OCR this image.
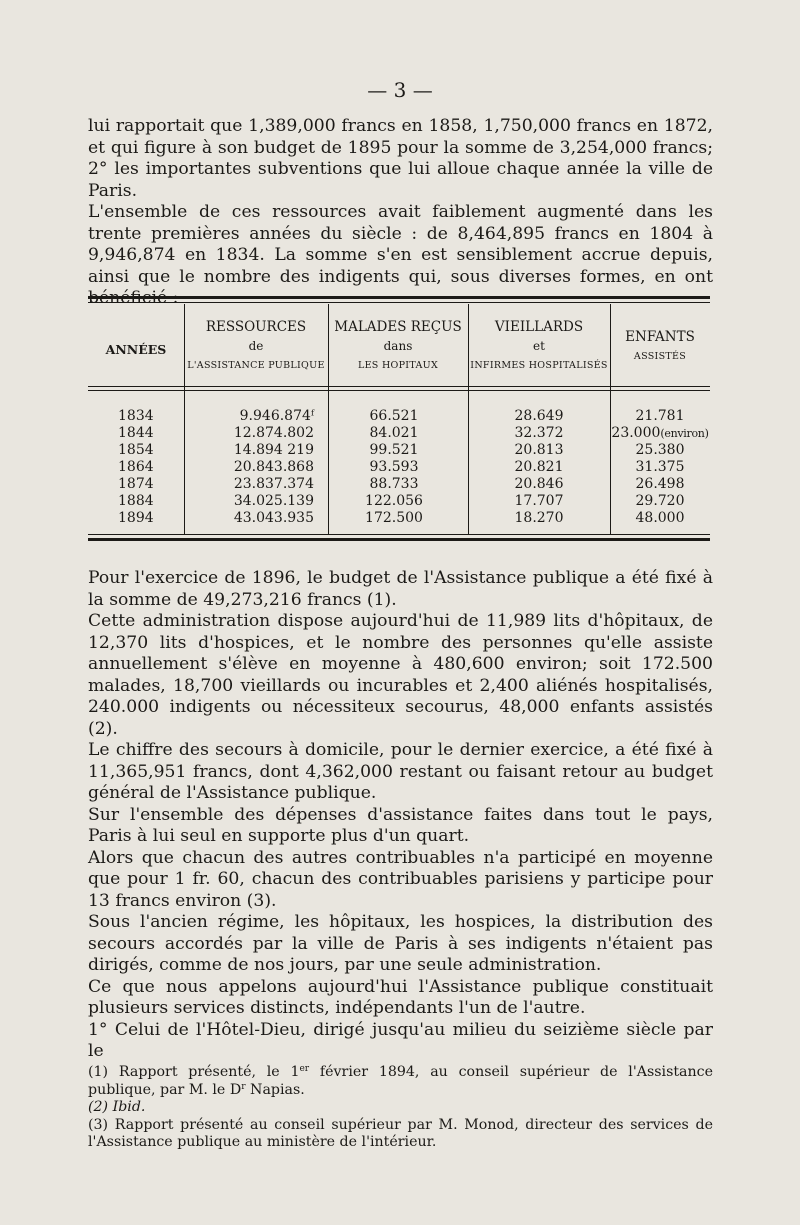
— 3 —

lui rapportait que 1,389,000 francs en 1858, 1,750,000 francs en 1872, et qui figure à son budget de 1895 pour la somme de 3,254,000 francs; 2° les importantes subventions que lui alloue chaque année la ville de Paris.

L'ensemble de ces ressources avait faiblement augmenté dans les trente premières années du siècle : de 8,464,895 francs en 1804 à 9,946,874 en 1834. La somme s'en est sensiblement accrue depuis, ainsi que le nombre des indigents qui, sous diverses formes, en ont

ANNÉES
RESSOURCES
de
L'ASSISTANCE PUBLIQUE
MALADES REÇUS
dans
LES HOPITAUX
VIEILLARDS
et
INFIRMES HOSPITALISÉS
ENFANTS
ASSISTÉS
1834
1844
1854
1864
1874
1884
1894
9.946.874ᶠ
12.874.802
14.894 219
20.843.868
23.837.374
34.025.139
43.043.935
66.521
84.021
99.521
93.593
88.733
122.056
172.500
28.649
32.372
20.813
20.821
20.846
17.707
18.270
21.781
23.000(environ)
25.380
31.375
26.498
29.720
48.000

Pour l'exercice de 1896, le budget de l'Assistance publique a été fixé à la somme de 49,273,216 francs (1).

Cette administration dispose aujourd'hui de 11,989 lits d'hôpitaux, de 12,370 lits d'hospices, et le nombre des personnes qu'elle assiste annuellement s'élève en moyenne à 480,600 environ; soit 172.500 malades, 18,700 vieillards ou incurables et 2,400 aliénés hospitalisés, 240.000 indigents ou nécessiteux secourus, 48,000 enfants assistés (2).

Le chiffre des secours à domicile, pour le dernier exercice, a été fixé à 11,365,951 francs, dont 4,362,000 restant ou faisant retour au budget général de l'Assistance publique.

Sur l'ensemble des dépenses d'assistance faites dans tout le pays, Paris à lui seul en supporte plus d'un quart.

Alors que chacun des autres contribuables n'a participé en moyenne que pour 1 fr. 60, chacun des contribuables parisiens y participe pour 13 francs environ (3).

Sous l'ancien régime, les hôpitaux, les hospices, la distribution des secours accordés par la ville de Paris à ses indigents n'étaient pas dirigés, comme de nos jours, par une seule administration.

Ce que nous appelons aujourd'hui l'Assistance publique constituait plusieurs services distincts, indépendants l'un de l'autre.

1° Celui de l'Hôtel-Dieu, dirigé jusqu'au milieu du seizième siècle par le

(1) Rapport présenté, le 1er février 1894, au conseil supérieur de l'Assistance publique, par M. le $D^r$ Napias.

(2) Ibid.

(3) Rapport présenté au conseil supérieur par M. Monod, directeur des services de l'Assistance publique au ministère de l'intérieur.
